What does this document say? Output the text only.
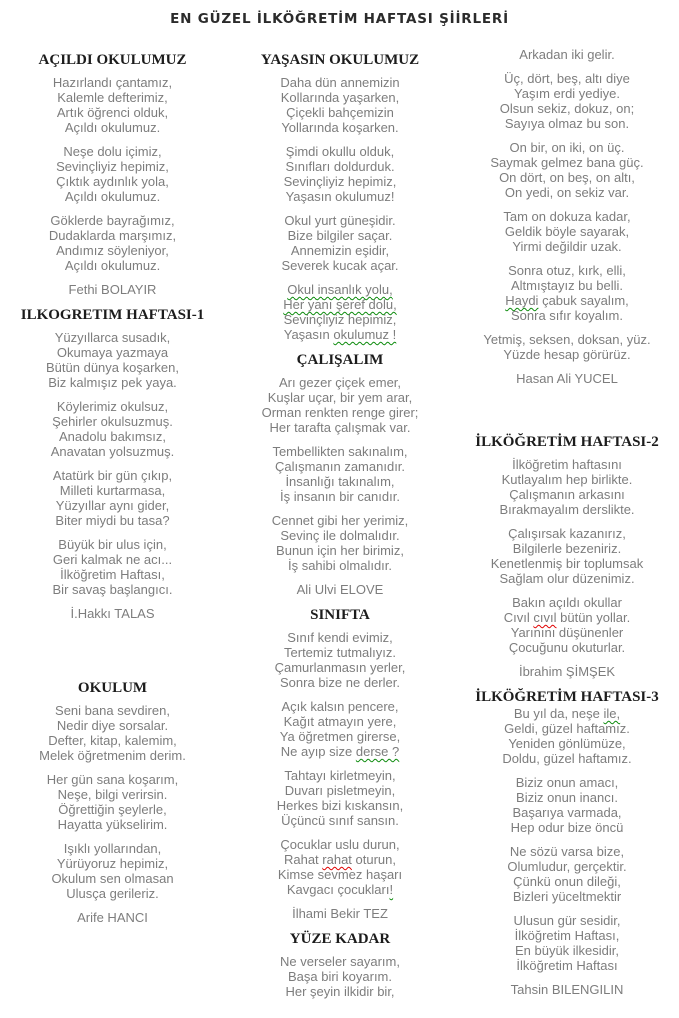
EN GÜZEL İLKÖĞRETİM HAFTASI ŞİİRLERİ
AÇILDI OKULUMUZ
Hazırlandı çantamız,
Kalemle defterimiz,
Artık öğrenci olduk,
Açıldı okulumuz.
Neşe dolu içimiz,
Sevinçliyiz hepimiz,
Çıktık aydınlık yola,
Açıldı okulumuz.
Göklerde bayrağımız,
Dudaklarda marşımız,
Andımız söyleniyor,
Açıldı okulumuz.
Fethi BOLAYIR
ILKOGRETIM HAFTASI-1
Yüzyıllarca susadık,
Okumaya yazmaya
Bütün dünya koşarken,
Biz kalmışız pek yaya.
Köylerimiz okulsuz,
Şehirler okulsuzmuş.
Anadolu bakımsız,
Anavatan yolsuzmuş.
Atatürk bir gün çıkıp,
Milleti kurtarmasa,
Yüzyıllar aynı gider,
Biter miydi bu tasa?
Büyük bir ulus için,
Geri kalmak ne acı...
İlköğretim Haftası,
Bir savaş başlangıcı.
İ.Hakkı TALAS
OKULUM
Seni bana sevdiren,
Nedir diye sorsalar.
Defter, kitap, kalemim,
Melek öğretmenim derim.
Her gün sana koşarım,
Neşe, bilgi verirsin.
Öğrettiğin şeylerle,
Hayatta yükselirim.
Işıklı yollarından,
Yürüyoruz hepimiz,
Okulum sen olmasan
Ulusça gerileriz.
Arife HANCI
YAŞASIN OKULUMUZ
Daha dün annemizin
Kollarında yaşarken,
Çiçekli bahçemizin
Yollarında koşarken.
Şimdi okullu olduk,
Sınıfları doldurduk.
Sevinçliyiz hepimiz,
Yaşasın okulumuz!
Okul yurt güneşidir.
Bize bilgiler saçar.
Annemizin eşidir,
Severek kucak açar.
Okul insanlık yolu,
Her yanı şeref dolu,
Sevinçliyiz hepimiz,
Yaşasın okulumuz !
ÇALIŞALIM
Arı gezer çiçek emer,
Kuşlar uçar, bir yem arar,
Orman renkten renge girer;
Her tarafta çalışmak var.
Tembellikten sakınalım,
Çalışmanın zamanıdır.
İnsanlığı takınalım,
İş insanın bir canıdır.
Cennet gibi her yerimiz,
Sevinç ile dolmalıdır.
Bunun için her birimiz,
İş sahibi olmalıdır.
Ali Ulvi ELOVE
SINIFTA
Sınıf kendi evimiz,
Tertemiz tutmalıyız.
Çamurlanmasın yerler,
Sonra bize ne derler.
Açık kalsın pencere,
Kağıt atmayın yere,
Ya öğretmen girerse,
Ne ayıp size derse ?
Tahtayı kirletmeyin,
Duvarı pisletmeyin,
Herkes bizi kıskansın,
Üçüncü sınıf sansın.
Çocuklar uslu durun,
Rahat rahat oturun,
Kimse sevmez haşarı
Kavgacı çocukları!
İlhami Bekir TEZ
YÜZE KADAR
Ne verseler sayarım,
Başa biri koyarım.
Her şeyin ilkidir bir,
Arkadan iki gelir.
Üç, dört, beş, altı diye
Yaşım erdi yediye.
Olsun sekiz, dokuz, on;
Sayıya olmaz bu son.
On bir, on iki, on üç.
Saymak gelmez bana güç.
On dört, on beş, on altı,
On yedi, on sekiz var.
Tam on dokuza kadar,
Geldik böyle sayarak,
Yirmi değildir uzak.
Sonra otuz, kırk, elli,
Altmıştayız bu belli.
Haydi çabuk sayalım,
Sonra sıfır koyalım.
Yetmiş, seksen, doksan, yüz.
Yüzde hesap görürüz.
Hasan Ali YUCEL
İLKÖĞRETİM HAFTASI-2
İlköğretim haftasını
Kutlayalım hep birlikte.
Çalışmanın arkasını
Bırakmayalım derslikte.
Çalışırsak kazanırız,
Bilgilerle bezeniriz.
Kenetlenmiş bir toplumsak
Sağlam olur düzenimiz.
Bakın açıldı okullar
Cıvıl cıvıl bütün yollar.
Yarınını düşünenler
Çocuğunu okuturlar.
İbrahim ŞİMŞEK
İLKÖĞRETİM HAFTASI-3
Bu yıl da, neşe ile,
Geldi, güzel haftamız.
Yeniden gönlümüze,
Doldu, güzel haftamız.
Biziz onun amacı,
Biziz onun inancı.
Başarıya varmada,
Hep odur bize öncü
Ne sözü varsa bize,
Olumludur, gerçektir.
Çünkü onun dileği,
Bizleri yüceltmektir
Ulusun gür sesidir,
İlköğretim Haftası,
En büyük ilkesidir,
İlköğretim Haftası
Tahsin BILENGILIN
